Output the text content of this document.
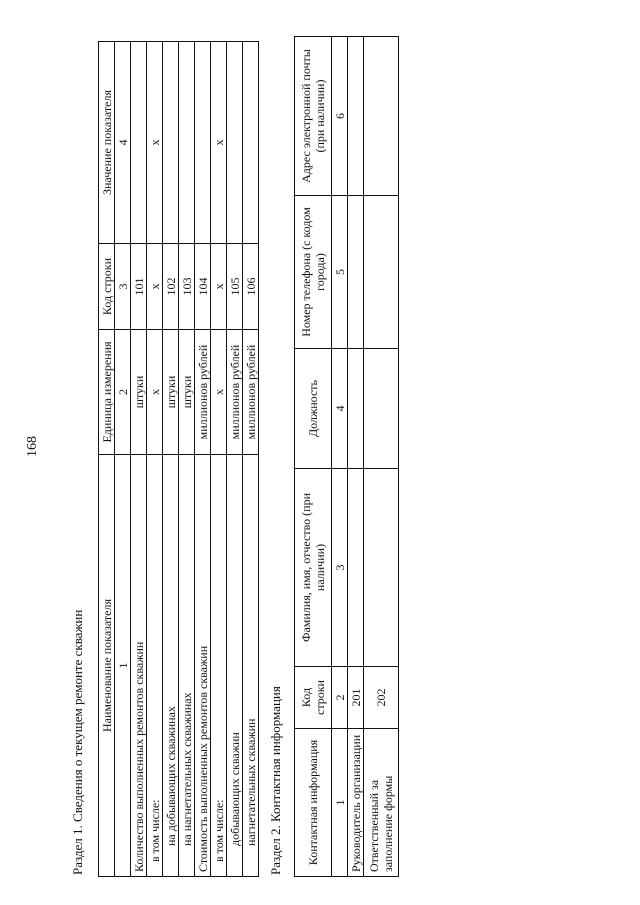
168
Раздел 1. Сведения о текущем ремонте скважин Наименование показателя	Единица измерения	Код строки	Значение показателя
1	2	3	4
Количество выполненных ремонтов скважин	штуки	101	
в том числе:	х	х	х
на добывающих скважинах	штуки	102	
на нагнетательных скважинах	штуки	103	
Стоимость выполненных ремонтов скважин	миллионов рублей	104	
в том числе:	х	х	х
добывающих скважин	миллионов рублей	105	
нагнетательных скважин	миллионов рублей	106	
Раздел 2. Контактная информация Контактная информация	Код строки	Фамилия, имя, отчество (при наличии)	Должность	Номер телефона (с кодом города)	Адрес электронной почты (при наличии)
1	2	3	4	5	6
Руководитель организации	201				
Ответственный за заполнение формы	202				
